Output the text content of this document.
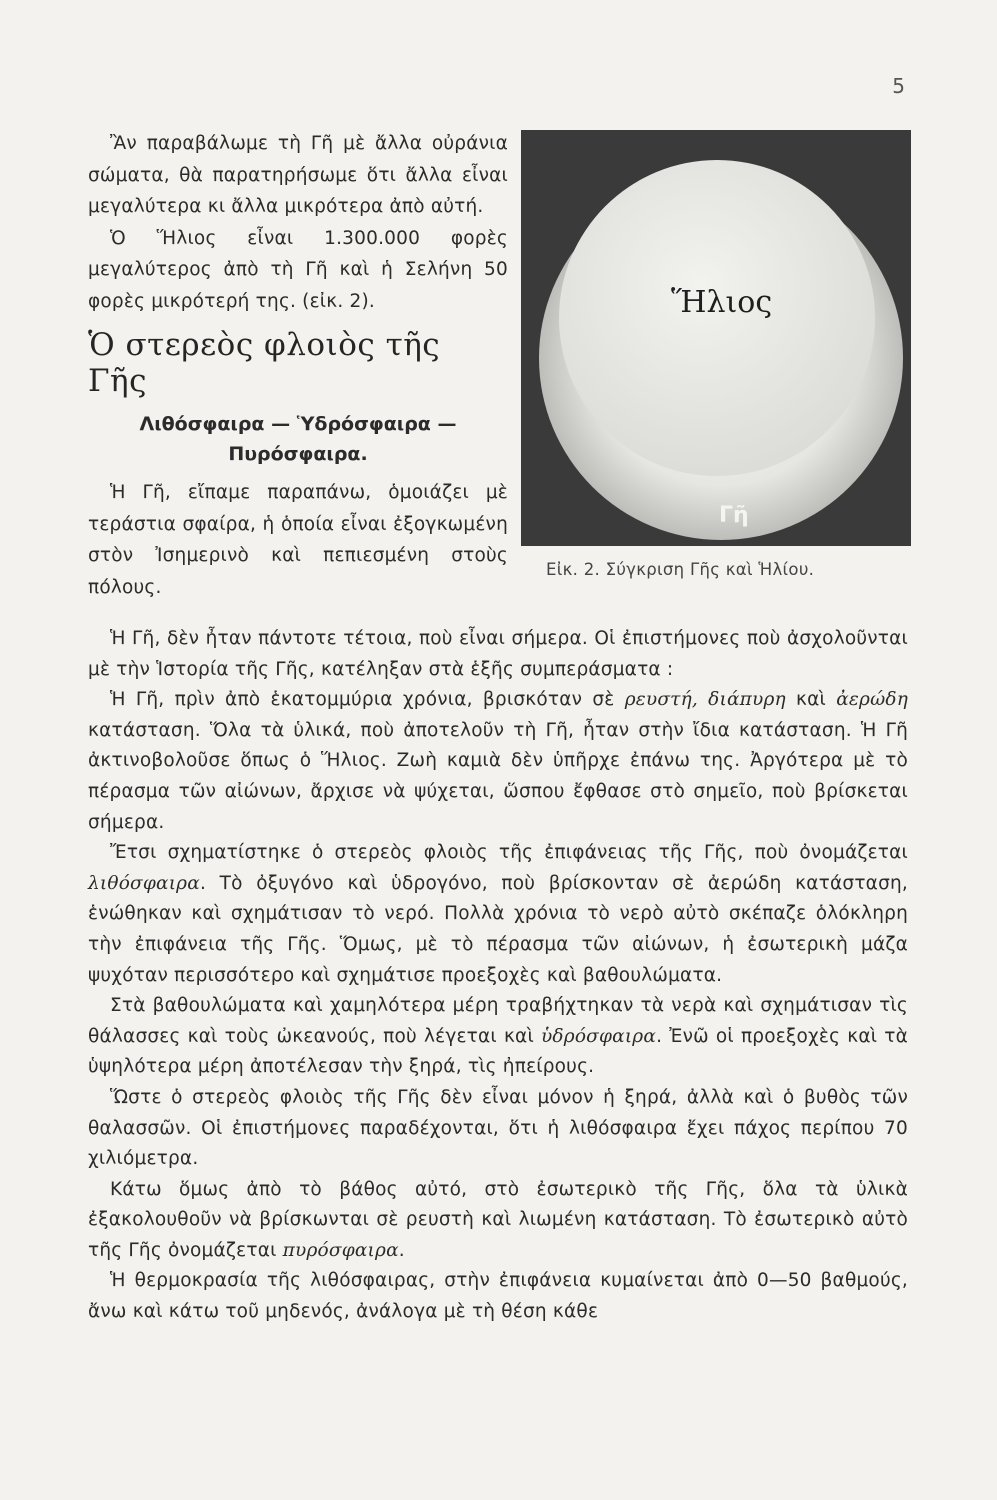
5

Ἂν παραβάλωμε τὴ Γῆ μὲ ἄλλα οὐράνια σώματα, θὰ παρατηρήσωμε ὅτι ἄλλα εἶναι μεγαλύτερα κι ἄλλα μικρότερα ἀπὸ αὐτή.

Ὁ Ἥλιος εἶναι 1.300.000 φορὲς μεγαλύτερος ἀπὸ τὴ Γῆ καὶ ἡ Σελήνη 50 φορὲς μικρότερή της. (εἰκ. 2).

Ὁ στερεὸς φλοιὸς τῆς Γῆς
Λιθόσφαιρα — Ὑδρόσφαιρα — Πυρόσφαιρα.

Ἡ Γῆ, εἴπαμε παραπάνω, ὁμοιάζει μὲ τεράστια σφαίρα, ἡ ὁποία εἶναι ἐξογκωμένη στὸν Ἰσημερινὸ καὶ πεπιεσμένη στοὺς πόλους.

Ἥλιος
Γῆ
Εἰκ. 2. Σύγκριση Γῆς καὶ Ἡλίου.

Ἡ Γῆ, δὲν ἦταν πάντοτε τέτοια, ποὺ εἶναι σήμερα. Οἱ ἐπιστήμονες ποὺ ἀσχολοῦνται μὲ τὴν Ἱστορία τῆς Γῆς, κατέληξαν στὰ ἑξῆς συμπεράσματα :

Ἡ Γῆ, πρὶν ἀπὸ ἑκατομμύρια χρόνια, βρισκόταν σὲ ρευστή, διάπυρη καὶ ἀερώδη κατάσταση. Ὅλα τὰ ὑλικά, ποὺ ἀποτελοῦν τὴ Γῆ, ἦταν στὴν ἴδια κατάσταση. Ἡ Γῆ ἀκτινοβολοῦσε ὅπως ὁ Ἥλιος. Ζωὴ καμιὰ δὲν ὑπῆρχε ἐπάνω της. Ἀργότερα μὲ τὸ πέρασμα τῶν αἰώνων, ἄρχισε νὰ ψύχεται, ὥσπου ἔφθασε στὸ σημεῖο, ποὺ βρίσκεται σήμερα.

Ἔτσι σχηματίστηκε ὁ στερεὸς φλοιὸς τῆς ἐπιφάνειας τῆς Γῆς, ποὺ ὀνομάζεται λιθόσφαιρα. Τὸ ὀξυγόνο καὶ ὑδρογόνο, ποὺ βρίσκονταν σὲ ἀερώδη κατάσταση, ἑνώθηκαν καὶ σχημάτισαν τὸ νερό. Πολλὰ χρόνια τὸ νερὸ αὐτὸ σκέπαζε ὁλόκληρη τὴν ἐπιφάνεια τῆς Γῆς. Ὅμως, μὲ τὸ πέρασμα τῶν αἰώνων, ἡ ἐσωτερικὴ μάζα ψυχόταν περισσότερο καὶ σχημάτισε προεξοχὲς καὶ βαθουλώματα.

Στὰ βαθουλώματα καὶ χαμηλότερα μέρη τραβήχτηκαν τὰ νερὰ καὶ σχημάτισαν τὶς θάλασσες καὶ τοὺς ὠκεανούς, ποὺ λέγεται καὶ ὑδρόσφαιρα. Ἐνῶ οἱ προεξοχὲς καὶ τὰ ὑψηλότερα μέρη ἀποτέλεσαν τὴν ξηρά, τὶς ἠπείρους.

Ὥστε ὁ στερεὸς φλοιὸς τῆς Γῆς δὲν εἶναι μόνον ἡ ξηρά, ἀλλὰ καὶ ὁ βυθὸς τῶν θαλασσῶν. Οἱ ἐπιστήμονες παραδέχονται, ὅτι ἡ λιθόσφαιρα ἔχει πάχος περίπου 70 χιλιόμετρα.

Κάτω ὅμως ἀπὸ τὸ βάθος αὐτό, στὸ ἐσωτερικὸ τῆς Γῆς, ὅλα τὰ ὑλικὰ ἐξακολουθοῦν νὰ βρίσκωνται σὲ ρευστὴ καὶ λιωμένη κατάσταση. Τὸ ἐσωτερικὸ αὐτὸ τῆς Γῆς ὀνομάζεται πυρόσφαιρα.

Ἡ θερμοκρασία τῆς λιθόσφαιρας, στὴν ἐπιφάνεια κυμαίνεται ἀπὸ 0—50 βαθμούς, ἄνω καὶ κάτω τοῦ μηδενός, ἀνάλογα μὲ τὴ θέση κάθε
